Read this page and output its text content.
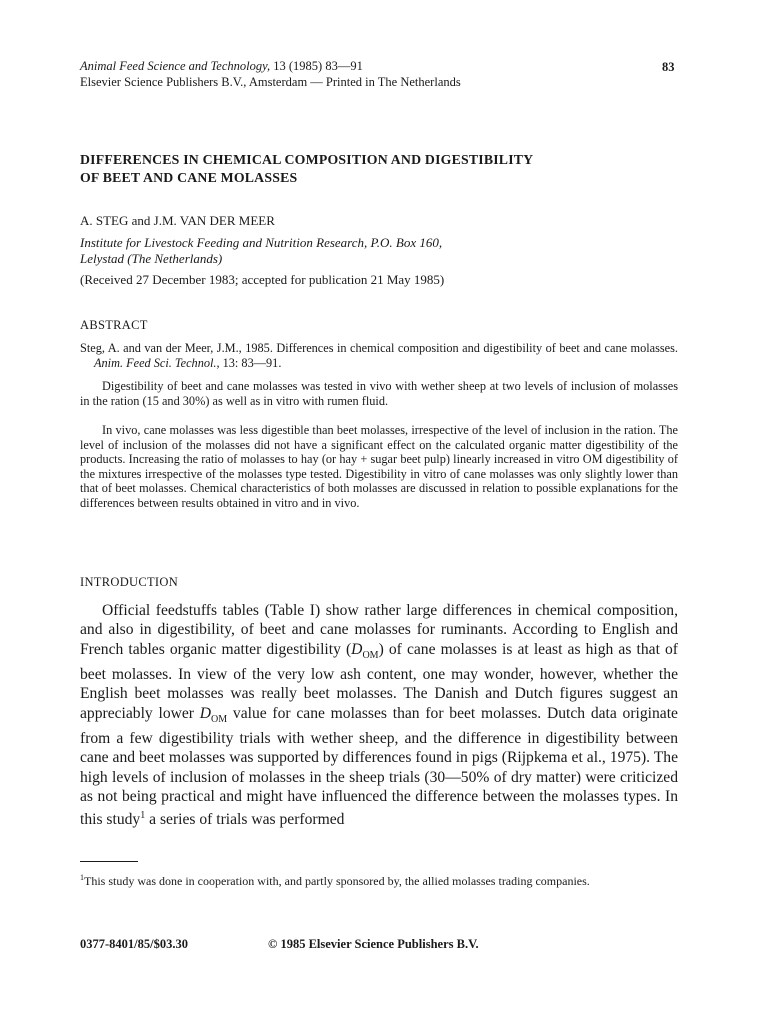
Animal Feed Science and Technology, 13 (1985) 83—91
Elsevier Science Publishers B.V., Amsterdam — Printed in The Netherlands
83
DIFFERENCES IN CHEMICAL COMPOSITION AND DIGESTIBILITY
OF BEET AND CANE MOLASSES
A. STEG and J.M. VAN DER MEER
Institute for Livestock Feeding and Nutrition Research, P.O. Box 160,
Lelystad (The Netherlands)
(Received 27 December 1983; accepted for publication 21 May 1985)
ABSTRACT
Steg, A. and van der Meer, J.M., 1985. Differences in chemical composition and digestibility of beet and cane molasses. Anim. Feed Sci. Technol., 13: 83—91.
Digestibility of beet and cane molasses was tested in vivo with wether sheep at two levels of inclusion of molasses in the ration (15 and 30%) as well as in vitro with rumen fluid.
In vivo, cane molasses was less digestible than beet molasses, irrespective of the level of inclusion in the ration. The level of inclusion of the molasses did not have a significant effect on the calculated organic matter digestibility of the products. Increasing the ratio of molasses to hay (or hay + sugar beet pulp) linearly increased in vitro OM digestibility of the mixtures irrespective of the molasses type tested. Digestibility in vitro of cane molasses was only slightly lower than that of beet molasses. Chemical characteristics of both molasses are discussed in relation to possible explanations for the differences between results obtained in vitro and in vivo.
INTRODUCTION
Official feedstuffs tables (Table I) show rather large differences in chemical composition, and also in digestibility, of beet and cane molasses for ruminants. According to English and French tables organic matter digestibility $(D_{OM})$ of cane molasses is at least as high as that of beet molasses. In view of the very low ash content, one may wonder, however, whether the English beet molasses was really beet molasses. The Danish and Dutch figures suggest an appreciably lower $D_{OM}$ value for cane molasses than for beet molasses. Dutch data originate from a few digestibility trials with wether sheep, and the difference in digestibility between cane and beet molasses was supported by differences found in pigs (Rijpkema et al., 1975). The high levels of inclusion of molasses in the sheep trials (30—50% of dry matter) were criticized as not being practical and might have influenced the difference between the molasses types. In this study$^1$ a series of trials was performed
$^1$This study was done in cooperation with, and partly sponsored by, the allied molasses trading companies.
0377-8401/85/$03.30	© 1985 Elsevier Science Publishers B.V.
